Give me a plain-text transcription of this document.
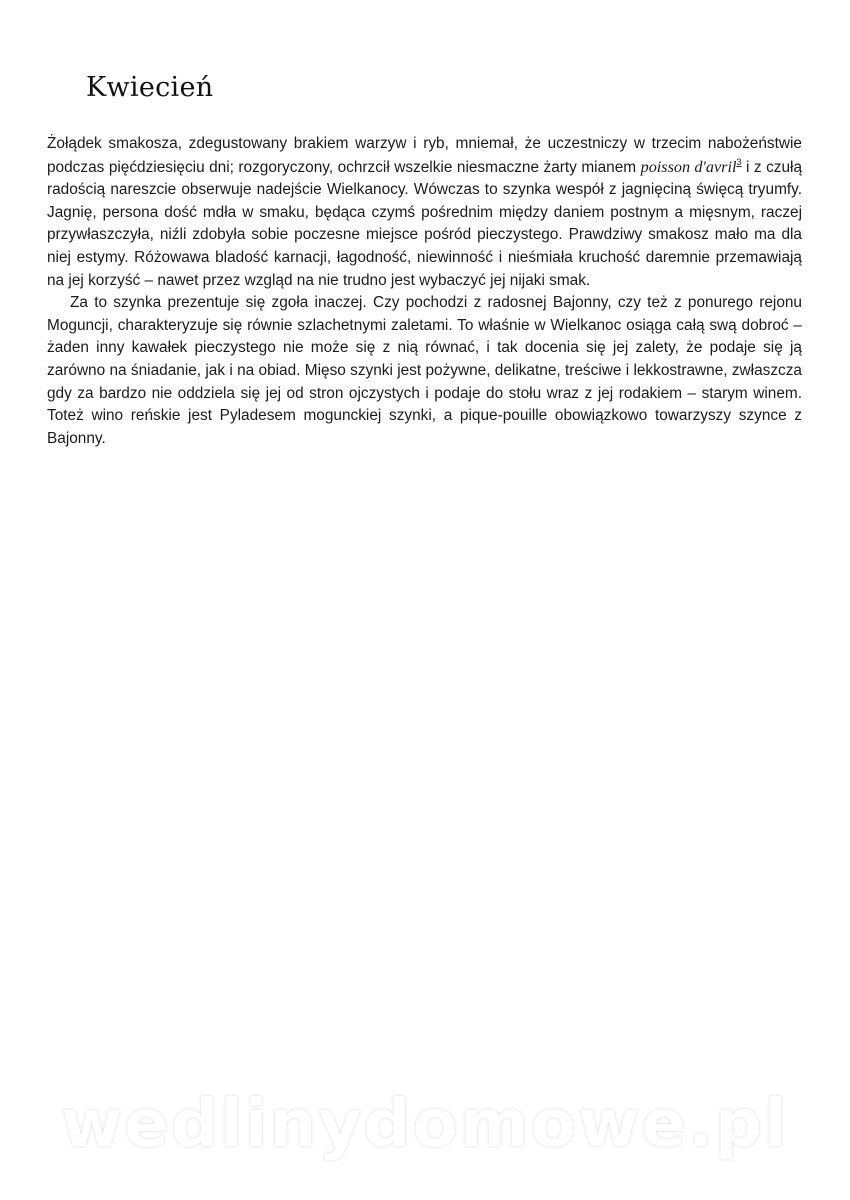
Kwiecień

Żołądek smakosza, zdegustowany brakiem warzyw i ryb, mniemał, że uczestniczy w trzecim nabożeństwie podczas pięćdziesięciu dni; rozgoryczony, ochrzcił wszelkie niesmaczne żarty mianem poisson d'avril$^3$ i z czułą radością nareszcie obserwuje nadejście Wielkanocy. Wówczas to szynka wespół z jagnięciną święcą tryumfy. Jagnię, persona dość mdła w smaku, będąca czymś pośrednim między daniem postnym a mięsnym, raczej przywłaszczyła, niźli zdobyła sobie poczesne miejsce pośród pieczystego. Prawdziwy smakosz mało ma dla niej estymy. Różowawa bladość karnacji, łagodność, niewinność i nieśmiała kruchość daremnie przemawiają na jej korzyść – nawet przez wzgląd na nie trudno jest wybaczyć jej nijaki smak.

Za to szynka prezentuje się zgoła inaczej. Czy pochodzi z radosnej Bajonny, czy też z ponurego rejonu Moguncji, charakteryzuje się równie szlachetnymi zaletami. To właśnie w Wielkanoc osiąga całą swą dobroć – żaden inny kawałek pieczystego nie może się z nią równać, i tak docenia się jej zalety, że podaje się ją zarówno na śniadanie, jak i na obiad. Mięso szynki jest pożywne, delikatne, treściwe i lekkostrawne, zwłaszcza gdy za bardzo nie oddziela się jej od stron ojczystych i podaje do stołu wraz z jej rodakiem – starym winem. Toteż wino reńskie jest Pyladesem mogunckiej szynki, a pique-pouille obowiązkowo towarzyszy szynce z Bajonny.

wedlinydomowe.pl
